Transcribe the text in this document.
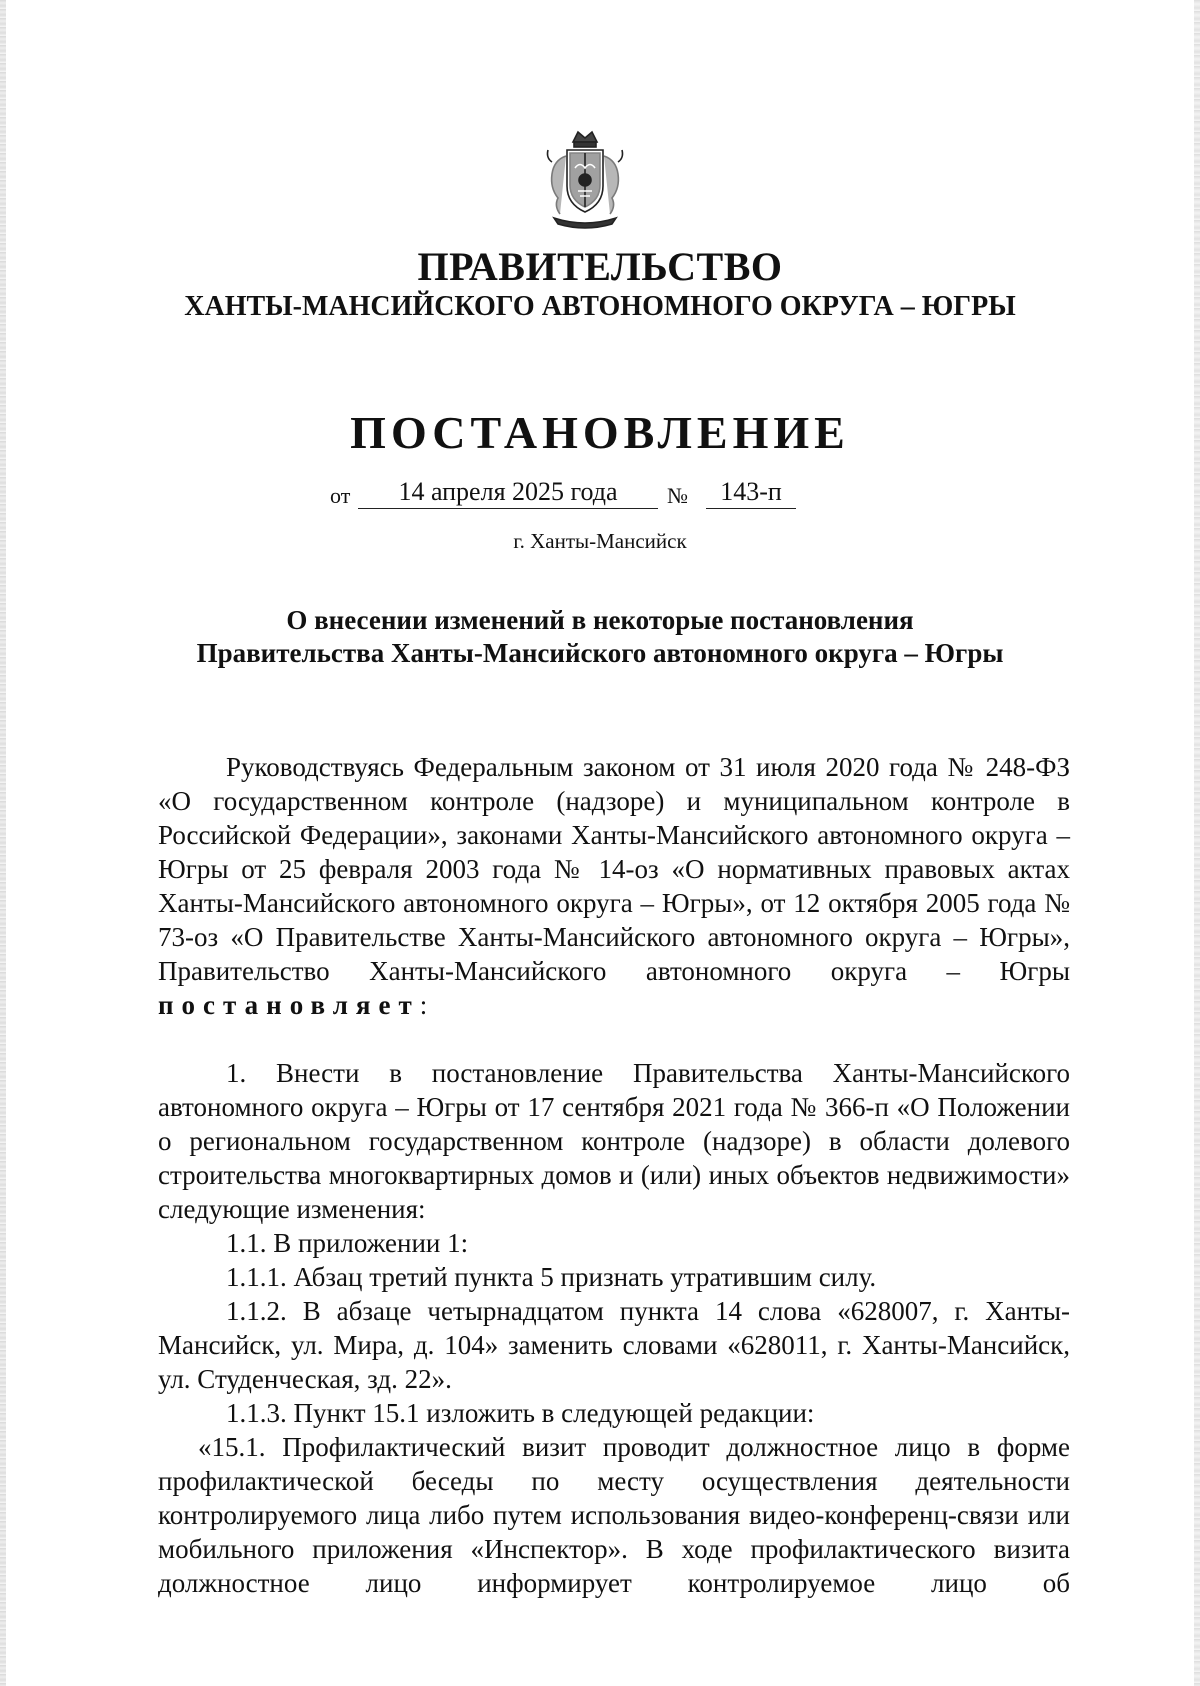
ПРАВИТЕЛЬСТВО
ХАНТЫ-МАНСИЙСКОГО АВТОНОМНОГО ОКРУГА – ЮГРЫ
ПОСТАНОВЛЕНИЕ
от	14 апреля 2025 года	№	143-п
г. Ханты-Мансийск
О внесении изменений в некоторые постановления
Правительства Ханты-Мансийского автономного округа – Югры

Руководствуясь Федеральным законом от 31 июля 2020 года № 248-ФЗ «О государственном контроле (надзоре) и муниципальном контроле в Российской Федерации», законами Ханты-Мансийского автономного округа – Югры от 25 февраля 2003 года № 14-оз «О нормативных правовых актах Ханты-Мансийского автономного округа – Югры», от 12 октября 2005 года № 73-оз «О Правительстве Ханты-Мансийского автономного округа – Югры», Правительство Ханты-Мансийского автономного округа – Югры постановляет:

1. Внести в постановление Правительства Ханты-Мансийского автономного округа – Югры от 17 сентября 2021 года № 366-п «О Положении о региональном государственном контроле (надзоре) в области долевого строительства многоквартирных домов и (или) иных объектов недвижимости» следующие изменения:

1.1. В приложении 1:

1.1.1. Абзац третий пункта 5 признать утратившим силу.

1.1.2. В абзаце четырнадцатом пункта 14 слова «628007, г. Ханты-Мансийск, ул. Мира, д. 104» заменить словами «628011, г. Ханты-Мансийск, ул. Студенческая, зд. 22».

1.1.3. Пункт 15.1 изложить в следующей редакции:

«15.1. Профилактический визит проводит должностное лицо в форме профилактической беседы по месту осуществления деятельности контролируемого лица либо путем использования видео-конференц-связи или мобильного приложения «Инспектор». В ходе профилактического визита должностное лицо информирует контролируемое лицо об
